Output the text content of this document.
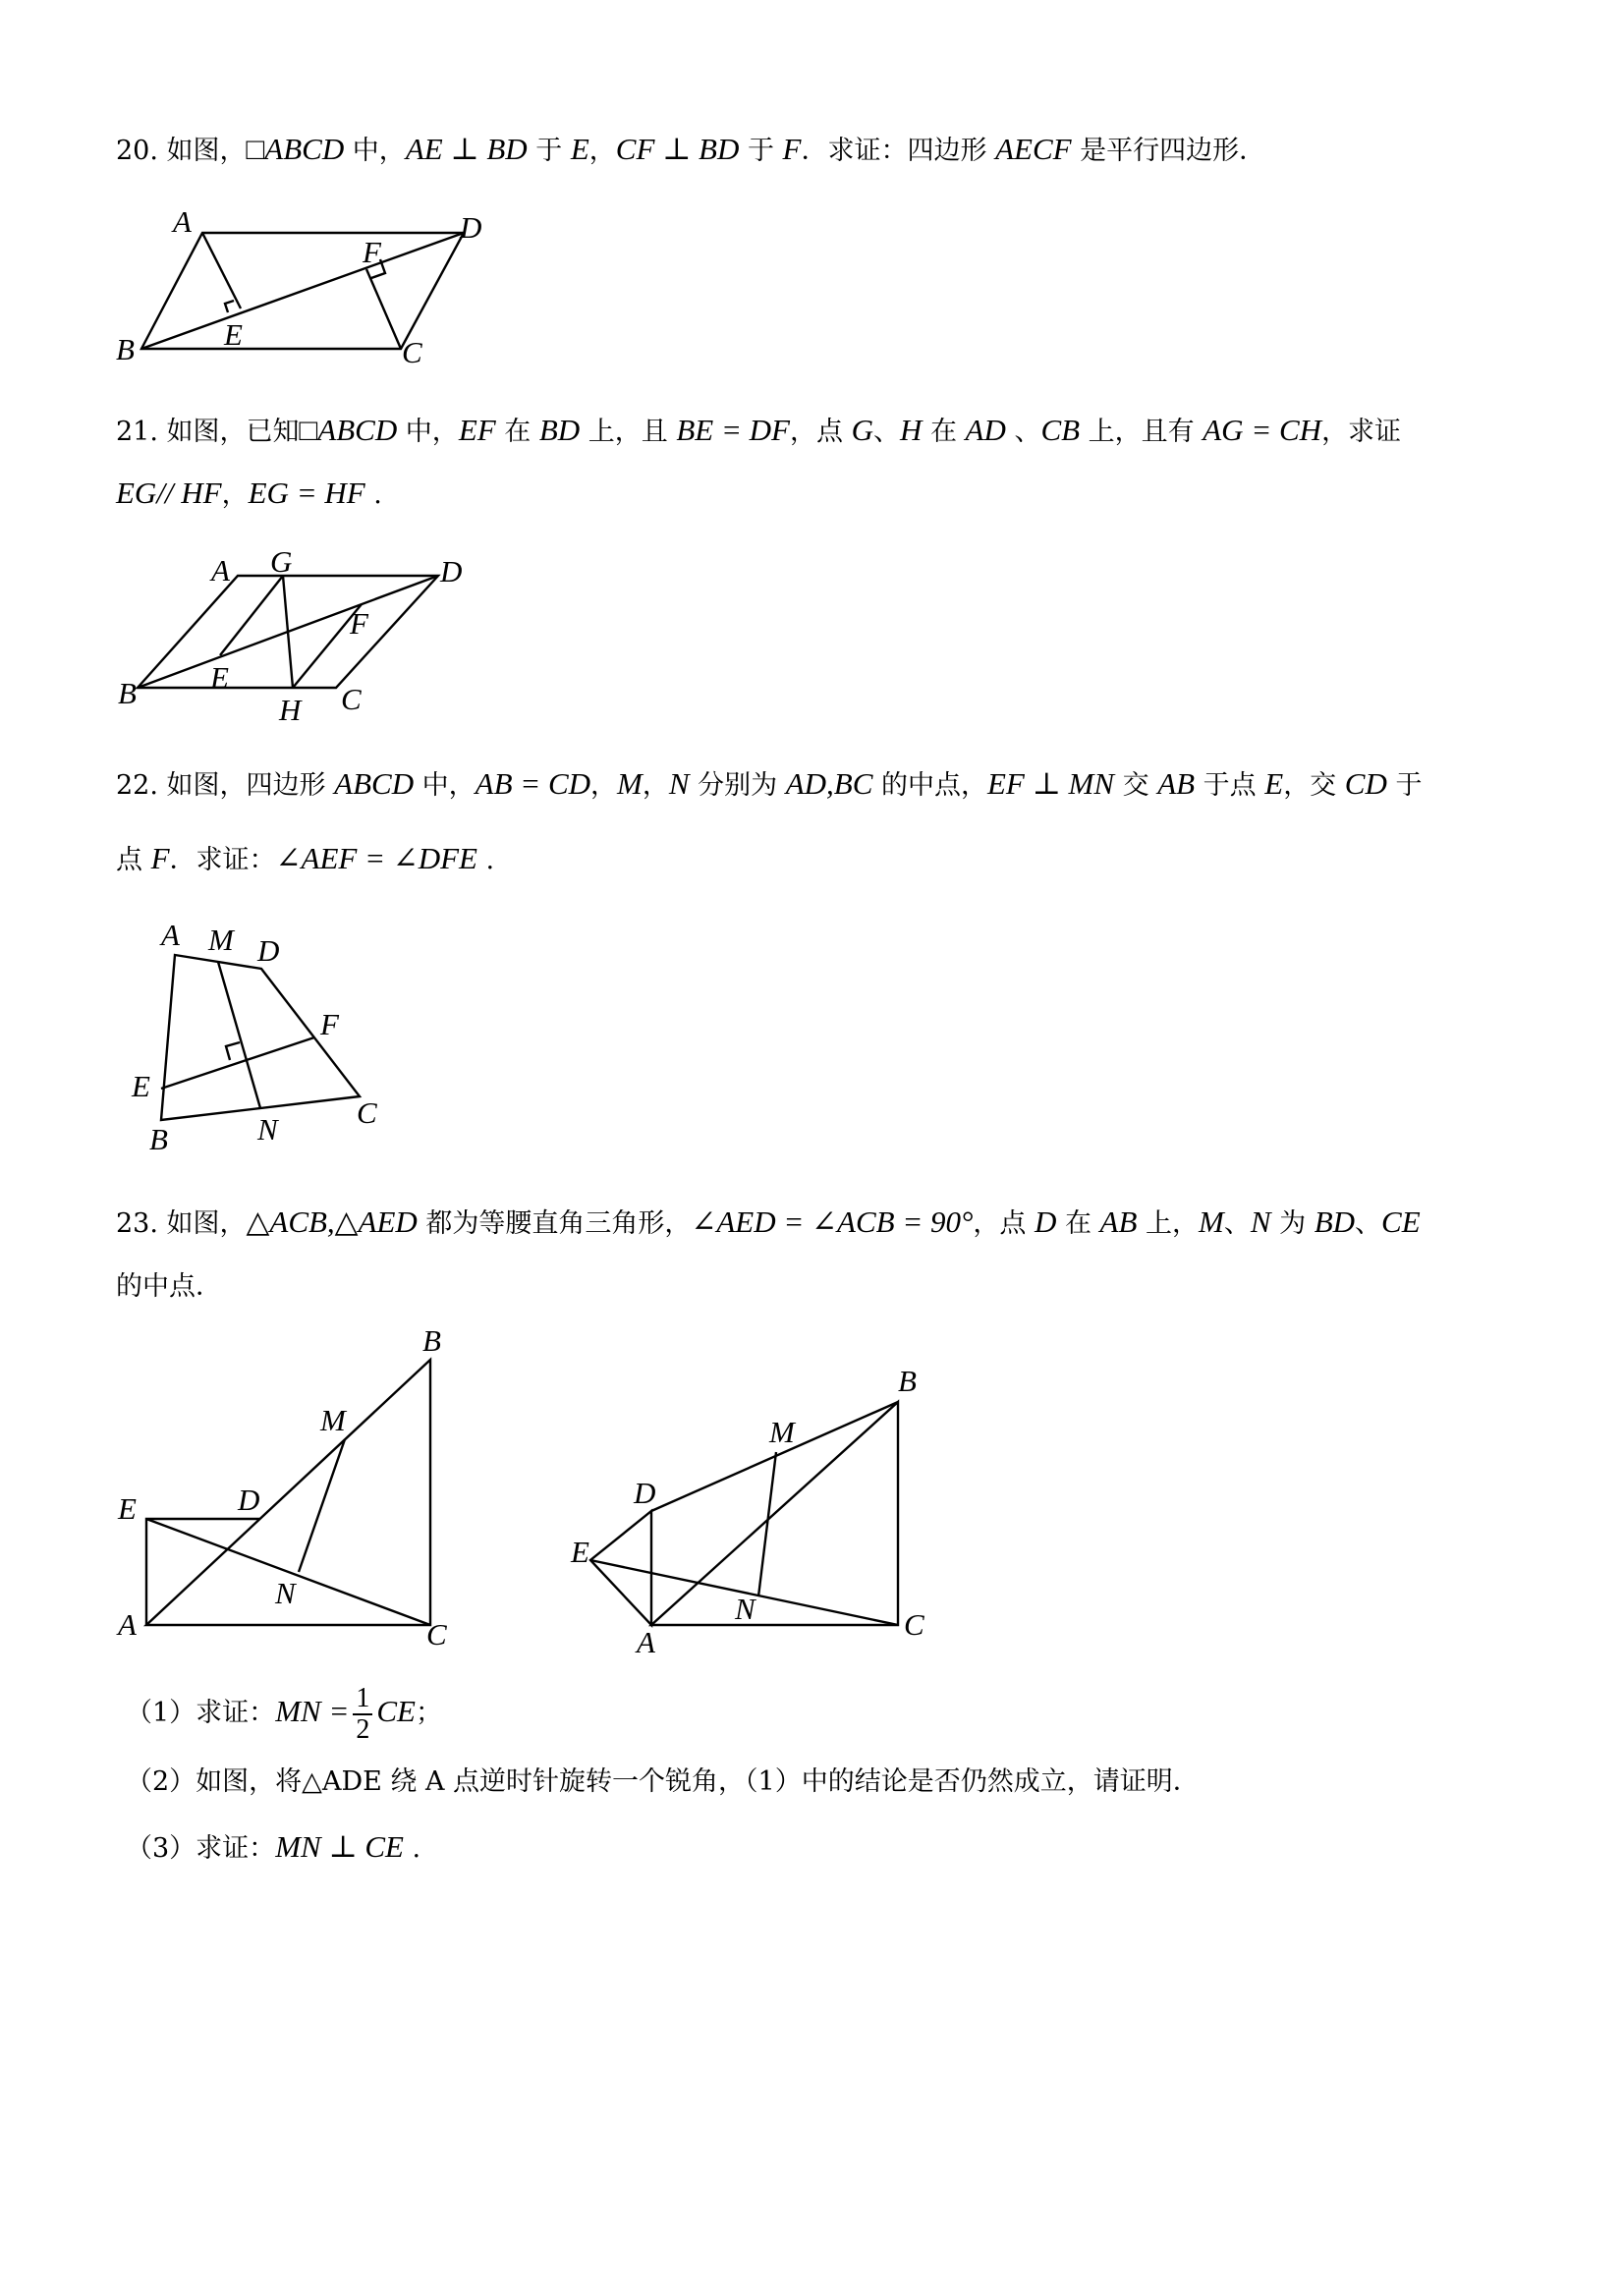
20. 如图，□ABCD 中，AE ⊥ BD 于 E，CF ⊥ BD 于 F．求证：四边形 AECF 是平行四边形．
A	D
F
E
B	C
A G	D
F
E
B	H C
A M D
F
E
B	N	C
B
M
E	D
N
A	C
B
M
D
E
N
A
C
21. 如图，已知□ABCD 中，EF 在 BD 上，且 BE = DF，点 G、H 在 AD 、CB 上，且有 AG = CH，求证
EG// HF，EG = HF .
22. 如图，四边形 ABCD 中，AB = CD，M，N 分别为 AD,BC 的中点，EF ⊥ MN 交 AB 于点 E，交 CD 于
点 F．求证：∠AEF = ∠DFE .
23. 如图，△ACB,△AED 都为等腰直角三角形，∠AED = ∠ACB = 90°，点 D 在 AB 上，M、N 为 BD、CE
的中点．
（1）求证：MN = $\frac{1}{2}$ CE；
（2）如图，将△ADE 绕 A 点逆时针旋转一个锐角，（1）中的结论是否仍然成立，请证明．
（3）求证：MN ⊥ CE .
